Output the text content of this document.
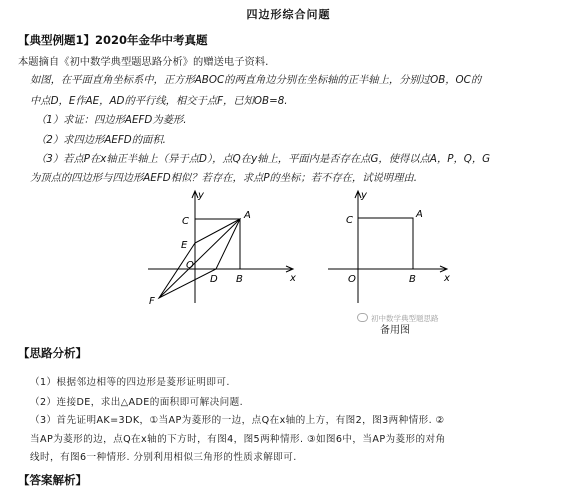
四边形综合问题
【典型例题1】2020年金华中考真题
本题摘自《初中数学典型题思路分析》的赠送电子资料.
如图，在平面直角坐标系中，正方形ABOC的两直角边分别在坐标轴的正半轴上，分别过OB，OC的
中点D，E作AE，AD的平行线，相交于点F，已知OB=8.
（1）求证：四边形AEFD为菱形.
（2）求四边形AEFD的面积.
（3）若点P在x轴正半轴上（异于点D），点Q在y轴上，平面内是否存在点G，使得以点A，P，Q，G
为顶点的四边形与四边形AEFD相似？若存在，求点P的坐标；若不存在，试说明理由.
y
x
C
A
E
O
D B
F
y
x
C
A
O	B
初中数学典型题思路
备用图
【思路分析】
（1）根据邻边相等的四边形是菱形证明即可.
（2）连接DE，求出△ADE的面积即可解决问题.
（3）首先证明AK=3DK，①当AP为菱形的一边，点Q在x轴的上方，有图2，图3两种情形. ②
当AP为菱形的边，点Q在x轴的下方时，有图4，图5两种情形. ③如图6中，当AP为菱形的对角
线时，有图6一种情形. 分别利用相似三角形的性质求解即可.
【答案解析】
